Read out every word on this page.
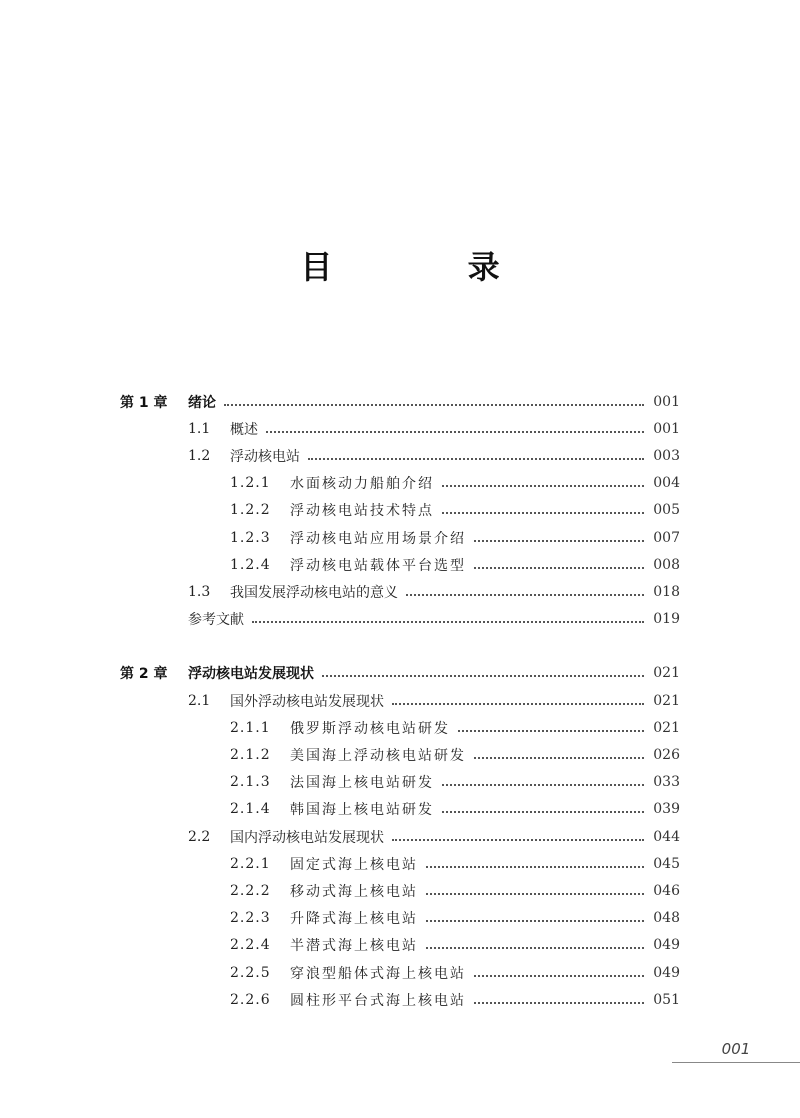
目 录
第 1 章	绪论	001
1.1	概述	001
1.2	浮动核电站	003
1.2.1	水面核动力船舶介绍	004
1.2.2	浮动核电站技术特点	005
1.2.3	浮动核电站应用场景介绍	007
1.2.4	浮动核电站载体平台选型	008
1.3	我国发展浮动核电站的意义	018
参考文献	019
第 2 章	浮动核电站发展现状	021
2.1	国外浮动核电站发展现状	021
2.1.1	俄罗斯浮动核电站研发	021
2.1.2	美国海上浮动核电站研发	026
2.1.3	法国海上核电站研发	033
2.1.4	韩国海上核电站研发	039
2.2	国内浮动核电站发展现状	044
2.2.1	固定式海上核电站	045
2.2.2	移动式海上核电站	046
2.2.3	升降式海上核电站	048
2.2.4	半潜式海上核电站	049
2.2.5	穿浪型船体式海上核电站	049
2.2.6	圆柱形平台式海上核电站	051
001
